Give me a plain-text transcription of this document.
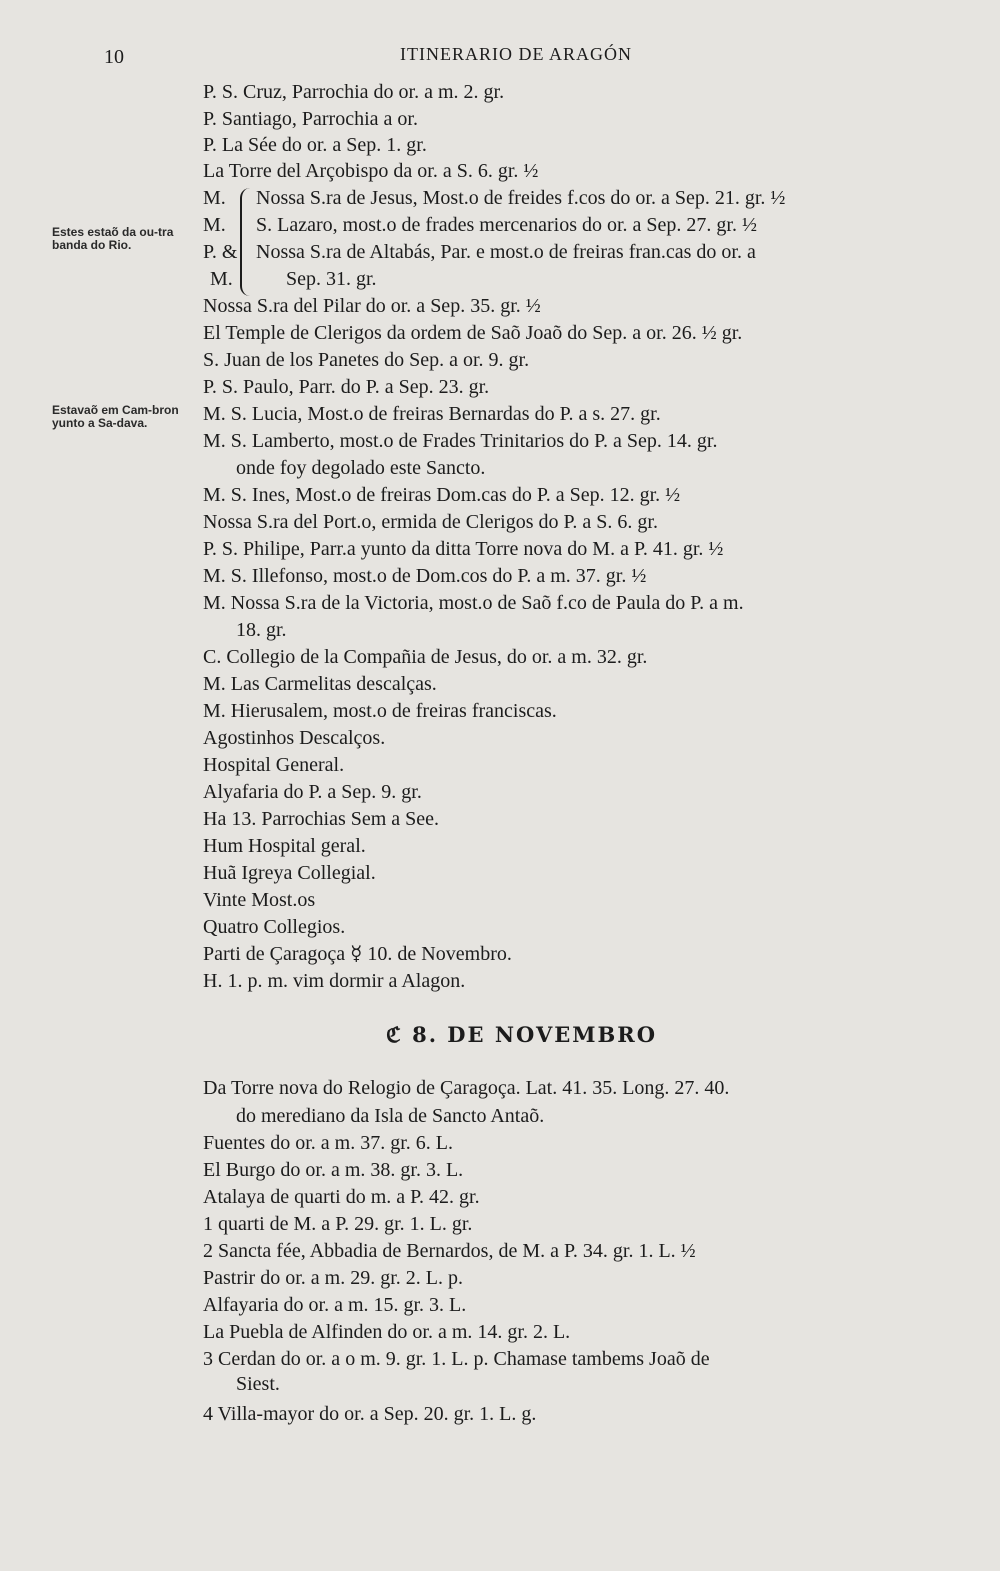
10	ITINERARIO DE ARAGÓN
Estes estaõ da ou-tra banda do Rio.
Estavaõ em Cam-bron yunto a Sa-dava.
M.
M.
P. &
M.
P. S. Cruz, Parrochia do or. a m. 2. gr.
P. Santiago, Parrochia a or.
P. La Sée do or. a Sep. 1. gr.
La Torre del Arçobispo da or. a S. 6. gr. ½
Nossa S.ra de Jesus, Most.o de freides f.cos do or. a Sep. 21. gr. ½
S. Lazaro, most.o de frades mercenarios do or. a Sep. 27. gr. ½
Nossa S.ra de Altabás, Par. e most.o de freiras fran.cas do or. a
Sep. 31. gr.
Nossa S.ra del Pilar do or. a Sep. 35. gr. ½
El Temple de Clerigos da ordem de Saõ Joaõ do Sep. a or. 26. ½ gr.
S. Juan de los Panetes do Sep. a or. 9. gr.
P. S. Paulo, Parr. do P. a Sep. 23. gr.
M. S. Lucia, Most.o de freiras Bernardas do P. a s. 27. gr.
M. S. Lamberto, most.o de Frades Trinitarios do P. a Sep. 14. gr.
onde foy degolado este Sancto.
M. S. Ines, Most.o de freiras Dom.cas do P. a Sep. 12. gr. ½
Nossa S.ra del Port.o, ermida de Clerigos do P. a S. 6. gr.
P. S. Philipe, Parr.a yunto da ditta Torre nova do M. a P. 41. gr. ½
M. S. Illefonso, most.o de Dom.cos do P. a m. 37. gr. ½
M. Nossa S.ra de la Victoria, most.o de Saõ f.co de Paula do P. a m.
18. gr.
C. Collegio de la Compañia de Jesus, do or. a m. 32. gr.
M. Las Carmelitas descalças.
M. Hierusalem, most.o de freiras franciscas.
Agostinhos Descalços.
Hospital General.
Alyafaria do P. a Sep. 9. gr.
Ha 13. Parrochias Sem a See.
Hum Hospital geral.
Huã Igreya Collegial.
Vinte Most.os
Quatro Collegios.
Parti de Çaragoça ☿ 10. de Novembro.
H. 1. p. m. vim dormir a Alagon.
ℭ 8. DE NOVEMBRO
Da Torre nova do Relogio de Çaragoça. Lat. 41. 35. Long. 27. 40.
do merediano da Isla de Sancto Antaõ.
Fuentes do or. a m. 37. gr. 6. L.
El Burgo do or. a m. 38. gr. 3. L.
Atalaya de quarti do m. a P. 42. gr.
1 quarti de M. a P. 29. gr. 1. L. gr.
2 Sancta fée, Abbadia de Bernardos, de M. a P. 34. gr. 1. L. ½
Pastrir do or. a m. 29. gr. 2. L. p.
Alfayaria do or. a m. 15. gr. 3. L.
La Puebla de Alfinden do or. a m. 14. gr. 2. L.
3 Cerdan do or. a o m. 9. gr. 1. L. p. Chamase tambems Joaõ de
Siest.
4 Villa-mayor do or. a Sep. 20. gr. 1. L. g.
